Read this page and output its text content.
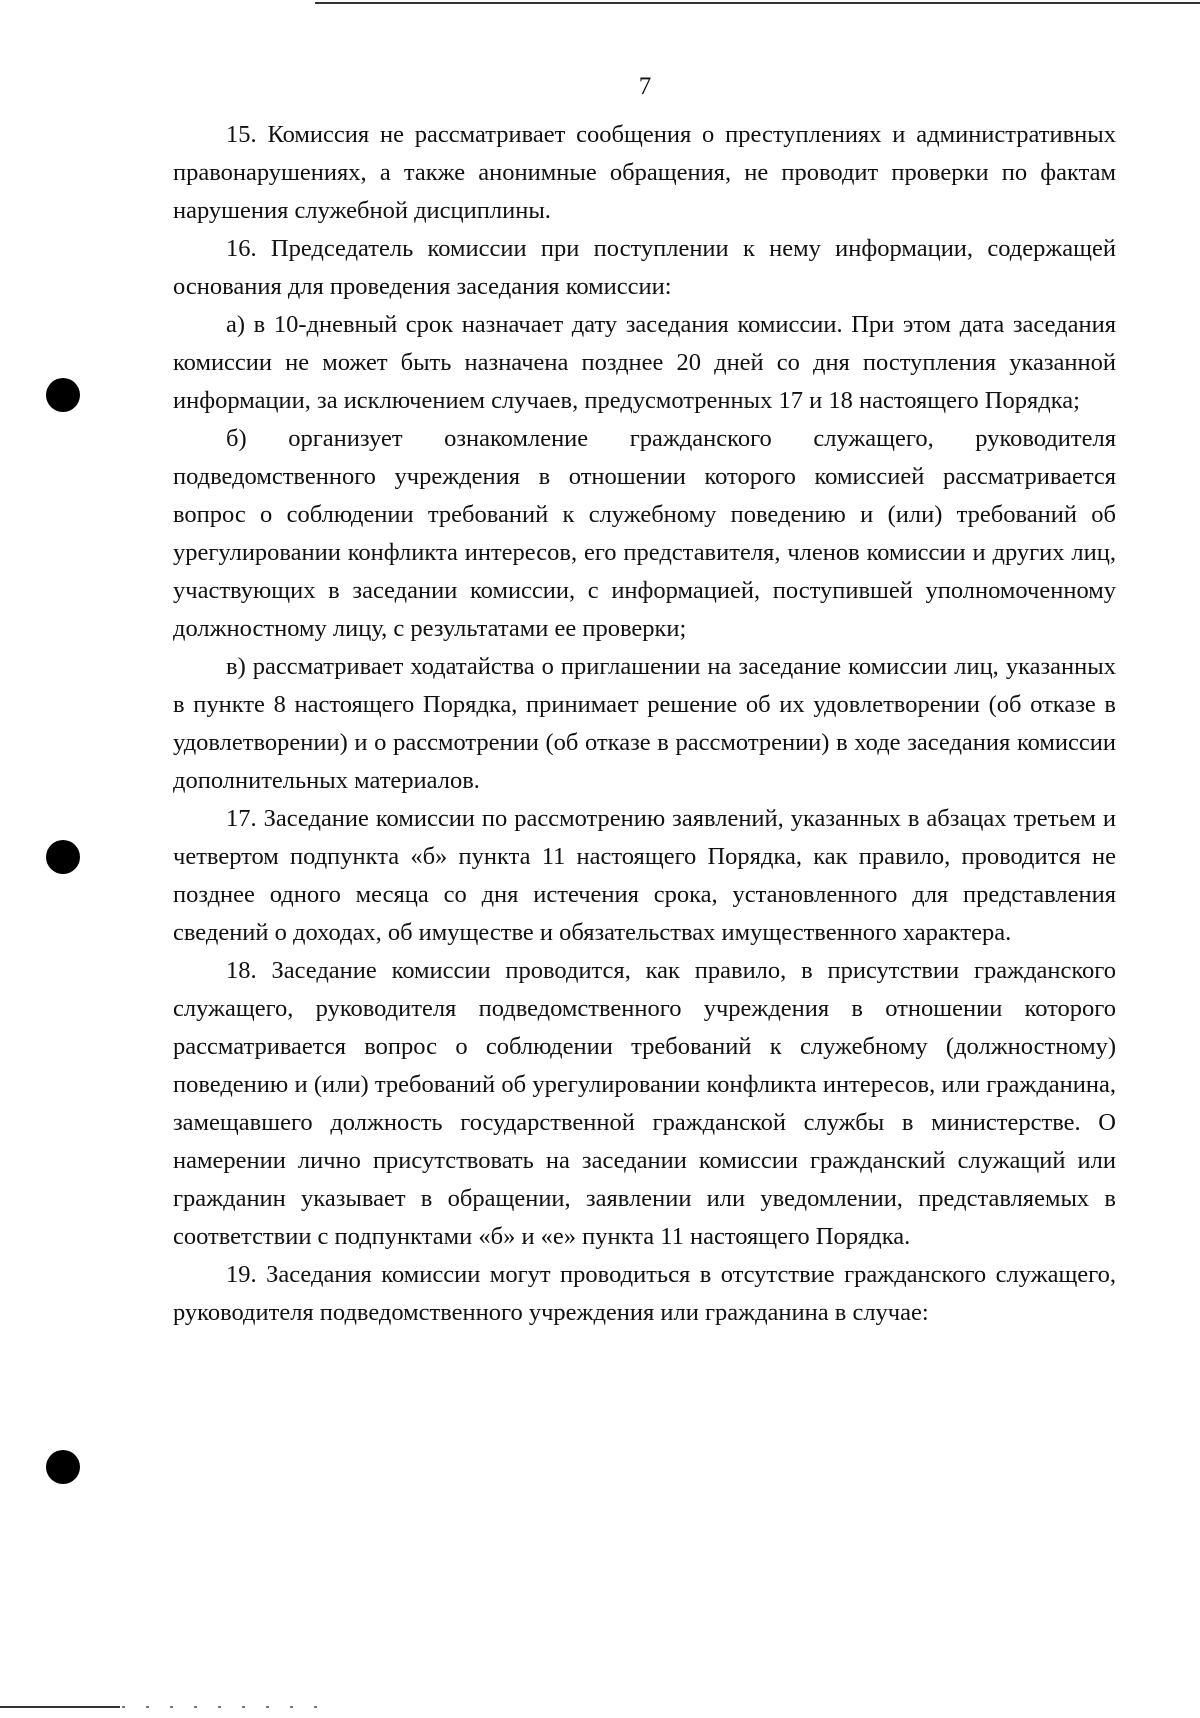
7

15. Комиссия не рассматривает сообщения о преступлениях и административных правонарушениях, а также анонимные обращения, не проводит проверки по фактам нарушения служебной дисциплины.

16. Председатель комиссии при поступлении к нему информации, содержащей основания для проведения заседания комиссии:

а) в 10-дневный срок назначает дату заседания комиссии. При этом дата заседания комиссии не может быть назначена позднее 20 дней со дня поступления указанной информации, за исключением случаев, предусмотренных 17 и 18 настоящего Порядка;

б) организует ознакомление гражданского служащего, руководителя подведомственного учреждения в отношении которого комиссией рассматривается вопрос о соблюдении требований к служебному поведению и (или) требований об урегулировании конфликта интересов, его представителя, членов комиссии и других лиц, участвующих в заседании комиссии, с информацией, поступившей уполномоченному должностному лицу, с результатами ее проверки;

в) рассматривает ходатайства о приглашении на заседание комиссии лиц, указанных в пункте 8 настоящего Порядка, принимает решение об их удовлетворении (об отказе в удовлетворении) и о рассмотрении (об отказе в рассмотрении) в ходе заседания комиссии дополнительных материалов.

17. Заседание комиссии по рассмотрению заявлений, указанных в абзацах третьем и четвертом подпункта «б» пункта 11 настоящего Порядка, как правило, проводится не позднее одного месяца со дня истечения срока, установленного для представления сведений о доходах, об имуществе и обязательствах имущественного характера.

18. Заседание комиссии проводится, как правило, в присутствии гражданского служащего, руководителя подведомственного учреждения в отношении которого рассматривается вопрос о соблюдении требований к служебному (должностному) поведению и (или) требований об урегулировании конфликта интересов, или гражданина, замещавшего должность государственной гражданской службы в министерстве. О намерении лично присутствовать на заседании комиссии гражданский служащий или гражданин указывает в обращении, заявлении или уведомлении, представляемых в соответствии с подпунктами «б» и «е» пункта 11 настоящего Порядка.

19. Заседания комиссии могут проводиться в отсутствие гражданского служащего, руководителя подведомственного учреждения или гражданина в случае:
